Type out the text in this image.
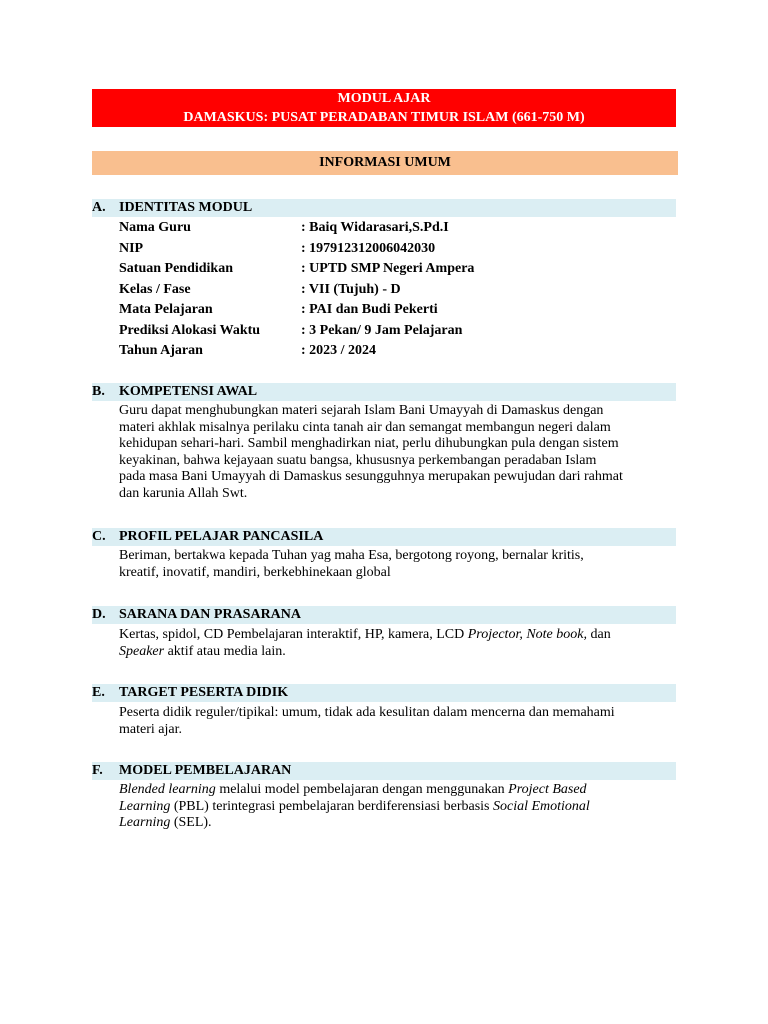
MODUL AJAR
DAMASKUS: PUSAT PERADABAN TIMUR ISLAM (661-750 M)
INFORMASI UMUM
A. IDENTITAS MODUL
Nama Guru	: Baiq Widarasari,S.Pd.I
NIP	: 197912312006042030
Satuan Pendidikan	: UPTD SMP Negeri Ampera
Kelas / Fase	: VII (Tujuh) - D
Mata Pelajaran	: PAI dan Budi Pekerti
Prediksi Alokasi Waktu	: 3 Pekan/ 9 Jam Pelajaran
Tahun Ajaran	: 2023 / 2024
B. KOMPETENSI AWAL
Guru dapat menghubungkan materi sejarah Islam Bani Umayyah di Damaskus dengan
materi akhlak misalnya perilaku cinta tanah air dan semangat membangun negeri dalam
kehidupan sehari-hari. Sambil menghadirkan niat, perlu dihubungkan pula dengan sistem
keyakinan, bahwa kejayaan suatu bangsa, khususnya perkembangan peradaban Islam
pada masa Bani Umayyah di Damaskus sesungguhnya merupakan pewujudan dari rahmat
dan karunia Allah Swt.
C. PROFIL PELAJAR PANCASILA
Beriman, bertakwa kepada Tuhan yag maha Esa, bergotong royong, bernalar kritis,
kreatif, inovatif, mandiri, berkebhinekaan global
D. SARANA DAN PRASARANA
Kertas, spidol, CD Pembelajaran interaktif, HP, kamera, LCD Projector, Note book, dan
Speaker aktif atau media lain.
E. TARGET PESERTA DIDIK
Peserta didik reguler/tipikal: umum, tidak ada kesulitan dalam mencerna dan memahami
materi ajar.
F. MODEL PEMBELAJARAN
Blended learning melalui model pembelajaran dengan menggunakan Project Based
Learning (PBL) terintegrasi pembelajaran berdiferensiasi berbasis Social Emotional
Learning (SEL).
